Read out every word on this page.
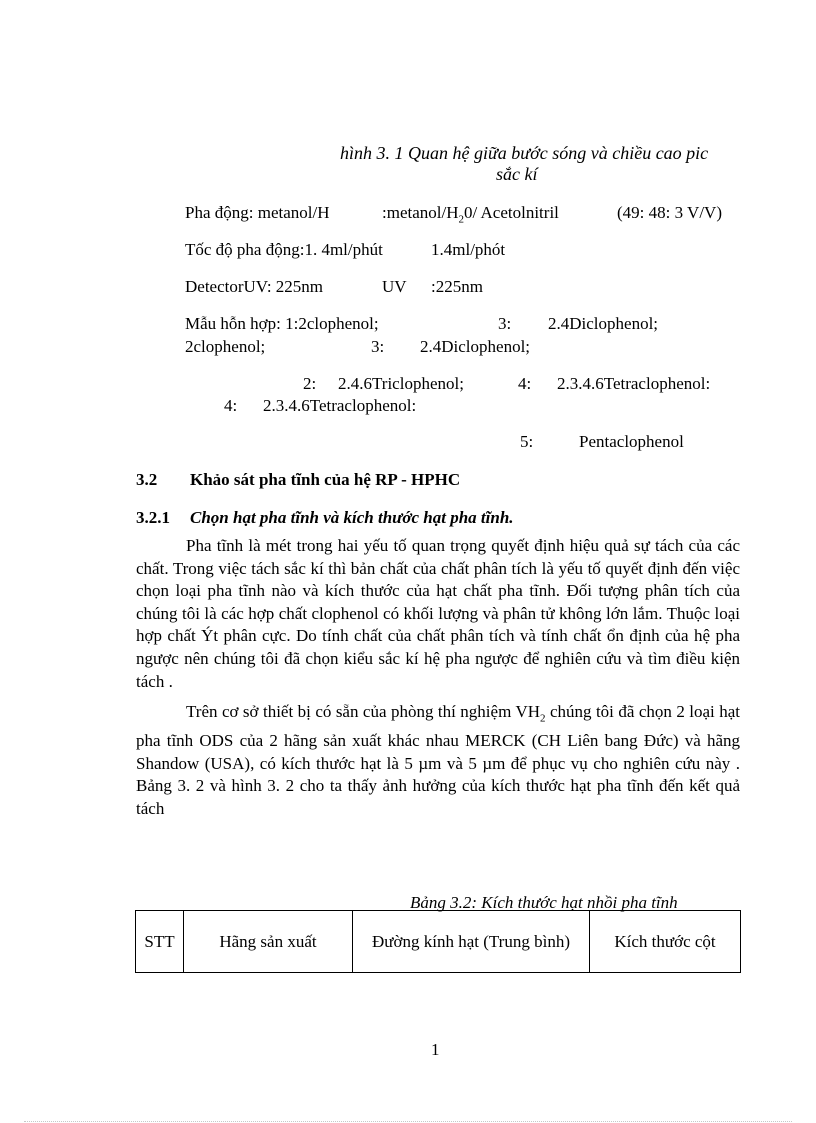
hình 3. 1 Quan hệ giữa bước sóng và chiều cao pic
sắc kí
Pha động: metanol/H	$:metanol/H_20/$ Acetolnitril	(49: 48: 3 V/V)
Tốc độ pha động:1. 4ml/phút	1.4ml/phót
DetectorUV: 225nm	UV :225nm
Mẫu hỗn hợp: 1:2clophenol;	3: 2.4Diclophenol;
2clophenol;	3: 2.4Diclophenol;
2: 2.4.6Triclophenol;	4: 2.3.4.6Tetraclophenol:
4: 2.3.4.6Tetraclophenol:
5:	Pentaclophenol
3.2 Khảo sát pha tĩnh của hệ RP - HPHC
3.2.1 Chọn hạt pha tĩnh và kích thước hạt pha tĩnh.

Pha tĩnh là mét trong hai yếu tố quan trọng quyết định hiệu quả sự tách của các chất. Trong việc tách sắc kí thì bản chất của chất phân tích là yếu tố quyết định đến việc chọn loại pha tĩnh nào và kích thước của hạt chất pha tĩnh. Đối tượng phân tích của chúng tôi là các hợp chất clophenol có khối lượng và phân tử không lớn lắm. Thuộc loại hợp chất Ýt phân cực. Do tính chất của chất phân tích và tính chất ổn định của hệ pha ngược nên chúng tôi đã chọn kiểu sắc kí hệ pha ngược để nghiên cứu và tìm điều kiện tách .

Trên cơ sở thiết bị có sẵn của phòng thí nghiệm $VH_2$ chúng tôi đã chọn 2 loại hạt pha tĩnh ODS của 2 hãng sản xuất khác nhau MERCK (CH Liên bang Đức) và hãng Shandow (USA), có kích thước hạt là 5 µm và 5 µm để phục vụ cho nghiên cứu này . Bảng 3. 2 và hình 3. 2 cho ta thấy ảnh hưởng của kích thước hạt pha tĩnh đến kết quả tách

Bảng 3.2: Kích thước hạt nhồi pha tĩnh
STT	Hãng sản xuất	Đường kính hạt (Trung bình)	Kích thước cột
1
